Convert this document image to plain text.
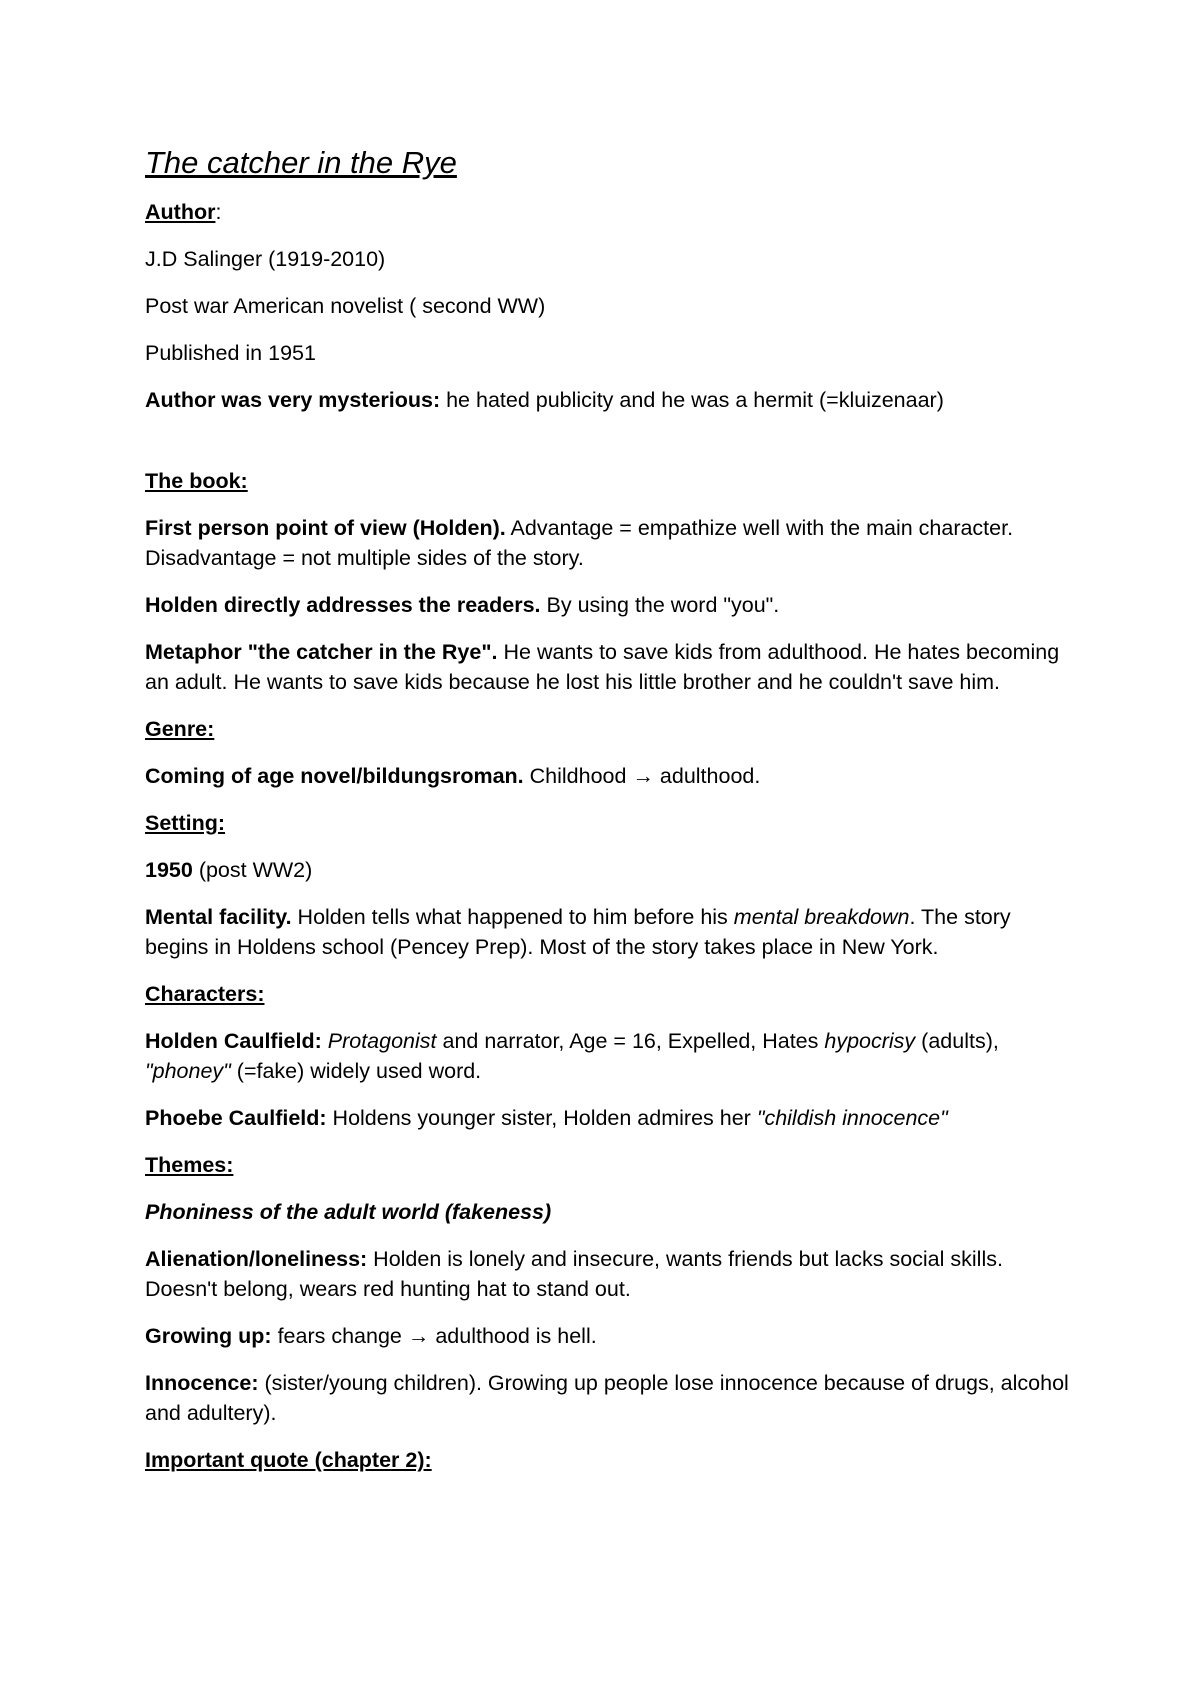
The catcher in the Rye

Author:

J.D Salinger (1919-2010)

Post war American novelist ( second WW)

Published in 1951

Author was very mysterious: he hated publicity and he was a hermit (=kluizenaar)

The book:

First person point of view (Holden). Advantage = empathize well with the main character. Disadvantage = not multiple sides of the story.

Holden directly addresses the readers. By using the word "you".

Metaphor "the catcher in the Rye". He wants to save kids from adulthood. He hates becoming an adult. He wants to save kids because he lost his little brother and he couldn't save him.

Genre:

Coming of age novel/bildungsroman. Childhood → adulthood.

Setting:

1950 (post WW2)

Mental facility. Holden tells what happened to him before his mental breakdown. The story begins in Holdens school (Pencey Prep). Most of the story takes place in New York.

Characters:

Holden Caulfield: Protagonist and narrator, Age = 16, Expelled, Hates hypocrisy (adults), "phoney" (=fake) widely used word.

Phoebe Caulfield: Holdens younger sister, Holden admires her "childish innocence"

Themes:

Phoniness of the adult world (fakeness)

Alienation/loneliness: Holden is lonely and insecure, wants friends but lacks social skills. Doesn't belong, wears red hunting hat to stand out.

Growing up: fears change → adulthood is hell.

Innocence: (sister/young children). Growing up people lose innocence because of drugs, alcohol and adultery).

Important quote (chapter 2):
